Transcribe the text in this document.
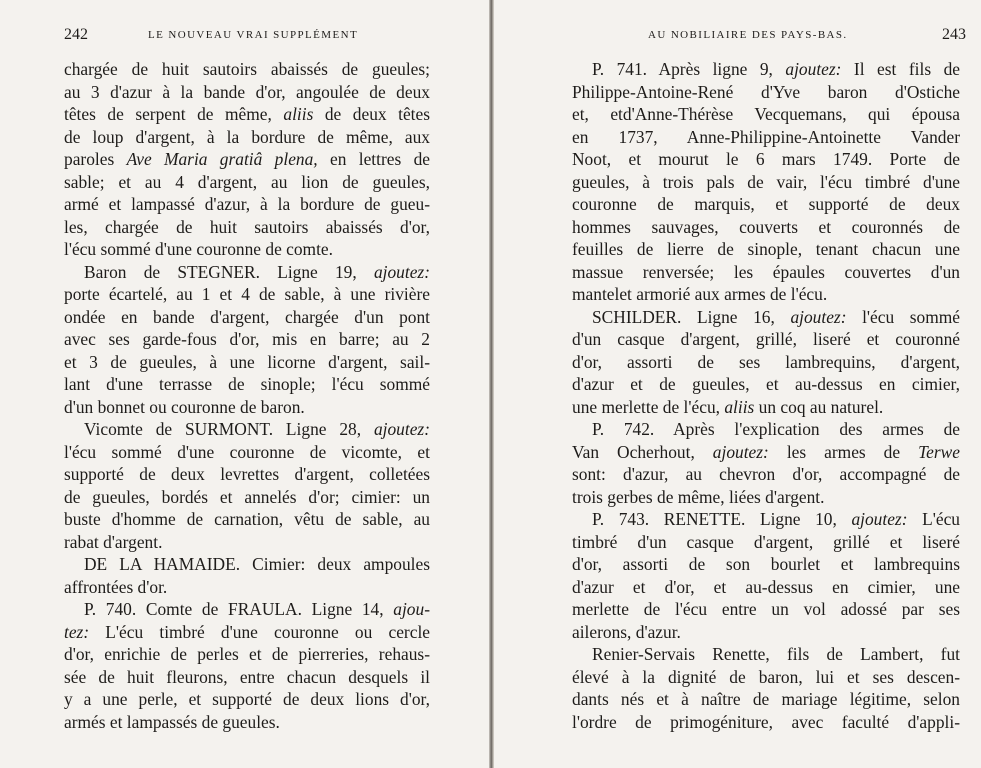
242	LE NOUVEAU VRAI SUPPLÉMENT
chargée de huit sautoirs abaissés de gueules;
au 3 d'azur à la bande d'or, angoulée de deux
têtes de serpent de même, aliis de deux têtes
de loup d'argent, à la bordure de même, aux
paroles Ave Maria gratiâ plena, en lettres de
sable; et au 4 d'argent, au lion de gueules,
armé et lampassé d'azur, à la bordure de gueu-
les, chargée de huit sautoirs abaissés d'or,
l'écu sommé d'une couronne de comte.
Baron de STEGNER. Ligne 19, ajoutez:
porte écartelé, au 1 et 4 de sable, à une rivière
ondée en bande d'argent, chargée d'un pont
avec ses garde-fous d'or, mis en barre; au 2
et 3 de gueules, à une licorne d'argent, sail-
lant d'une terrasse de sinople; l'écu sommé
d'un bonnet ou couronne de baron.
Vicomte de SURMONT. Ligne 28, ajoutez:
l'écu sommé d'une couronne de vicomte, et
supporté de deux levrettes d'argent, colletées
de gueules, bordés et annelés d'or; cimier: un
buste d'homme de carnation, vêtu de sable, au
rabat d'argent.
DE LA HAMAIDE. Cimier: deux ampoules
affrontées d'or.
P. 740. Comte de FRAULA. Ligne 14, ajou-
tez: L'écu timbré d'une couronne ou cercle
d'or, enrichie de perles et de pierreries, rehaus-
sée de huit fleurons, entre chacun desquels il
y a une perle, et supporté de deux lions d'or,
armés et lampassés de gueules.
AU NOBILIAIRE DES PAYS-BAS.	243
P. 741. Après ligne 9, ajoutez: Il est fils de
Philippe-Antoine-René d'Yve baron d'Ostiche
et, etd'Anne-Thérèse Vecquemans, qui épousa
en 1737, Anne-Philippine-Antoinette Vander
Noot, et mourut le 6 mars 1749. Porte de
gueules, à trois pals de vair, l'écu timbré d'une
couronne de marquis, et supporté de deux
hommes sauvages, couverts et couronnés de
feuilles de lierre de sinople, tenant chacun une
massue renversée; les épaules couvertes d'un
mantelet armorié aux armes de l'écu.
SCHILDER. Ligne 16, ajoutez: l'écu sommé
d'un casque d'argent, grillé, liseré et couronné
d'or, assorti de ses lambrequins, d'argent,
d'azur et de gueules, et au-dessus en cimier,
une merlette de l'écu, aliis un coq au naturel.
P. 742. Après l'explication des armes de
Van Ocherhout, ajoutez: les armes de Terwe
sont: d'azur, au chevron d'or, accompagné de
trois gerbes de même, liées d'argent.
P. 743. RENETTE. Ligne 10, ajoutez: L'écu
timbré d'un casque d'argent, grillé et liseré
d'or, assorti de son bourlet et lambrequins
d'azur et d'or, et au-dessus en cimier, une
merlette de l'écu entre un vol adossé par ses
ailerons, d'azur.
Renier-Servais Renette, fils de Lambert, fut
élevé à la dignité de baron, lui et ses descen-
dants nés et à naître de mariage légitime, selon
l'ordre de primogéniture, avec faculté d'appli-
